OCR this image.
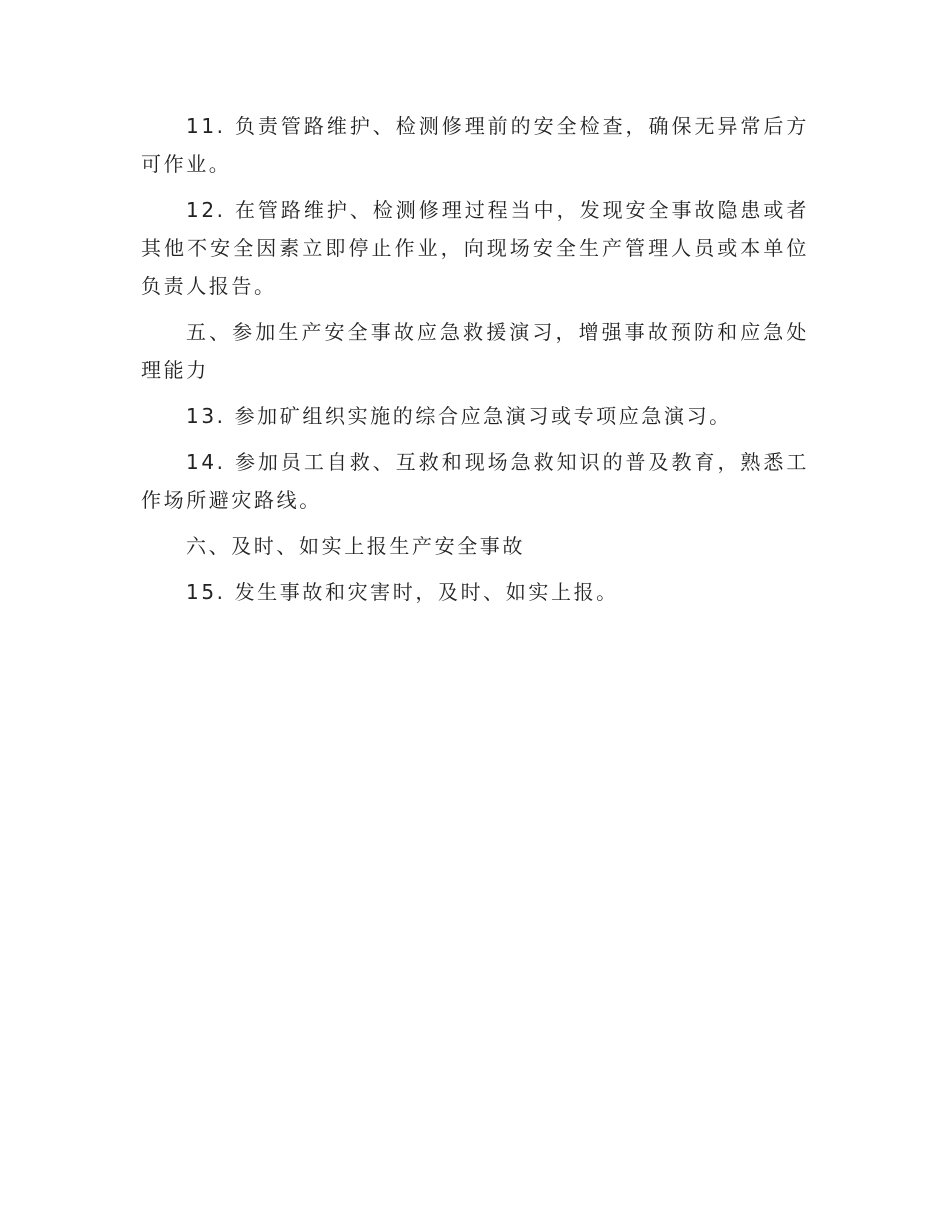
11. 负责管路维护、检测修理前的安全检查，确保无异常后方可作业。

12. 在管路维护、检测修理过程当中，发现安全事故隐患或者其他不安全因素立即停止作业，向现场安全生产管理人员或本单位负责人报告。

五、参加生产安全事故应急救援演习，增强事故预防和应急处理能力

13. 参加矿组织实施的综合应急演习或专项应急演习。

14. 参加员工自救、互救和现场急救知识的普及教育，熟悉工作场所避灾路线。

六、及时、如实上报生产安全事故

15. 发生事故和灾害时，及时、如实上报。
